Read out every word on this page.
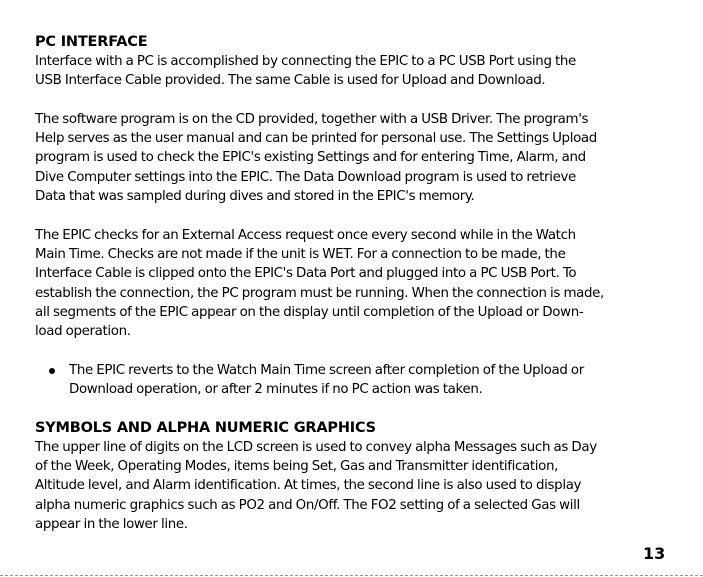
PC INTERFACE

Interface with a PC is accomplished by connecting the EPIC to a PC USB Port using the
USB Interface Cable provided. The same Cable is used for Upload and Download.

The software program is on the CD provided, together with a USB Driver. The program's
Help serves as the user manual and can be printed for personal use. The Settings Upload
program is used to check the EPIC's existing Settings and for entering Time, Alarm, and
Dive Computer settings into the EPIC. The Data Download program is used to retrieve
Data that was sampled during dives and stored in the EPIC's memory.

The EPIC checks for an External Access request once every second while in the Watch
Main Time. Checks are not made if the unit is WET. For a connection to be made, the
Interface Cable is clipped onto the EPIC's Data Port and plugged into a PC USB Port. To
establish the connection, the PC program must be running. When the connection is made,
all segments of the EPIC appear on the display until completion of the Upload or Down-
load operation.

The EPIC reverts to the Watch Main Time screen after completion of the Upload or
Download operation, or after 2 minutes if no PC action was taken.
SYMBOLS AND ALPHA NUMERIC GRAPHICS

The upper line of digits on the LCD screen is used to convey alpha Messages such as Day
of the Week, Operating Modes, items being Set, Gas and Transmitter identification,
Altitude level, and Alarm identification. At times, the second line is also used to display
alpha numeric graphics such as PO2 and On/Off. The FO2 setting of a selected Gas will
appear in the lower line.

13
